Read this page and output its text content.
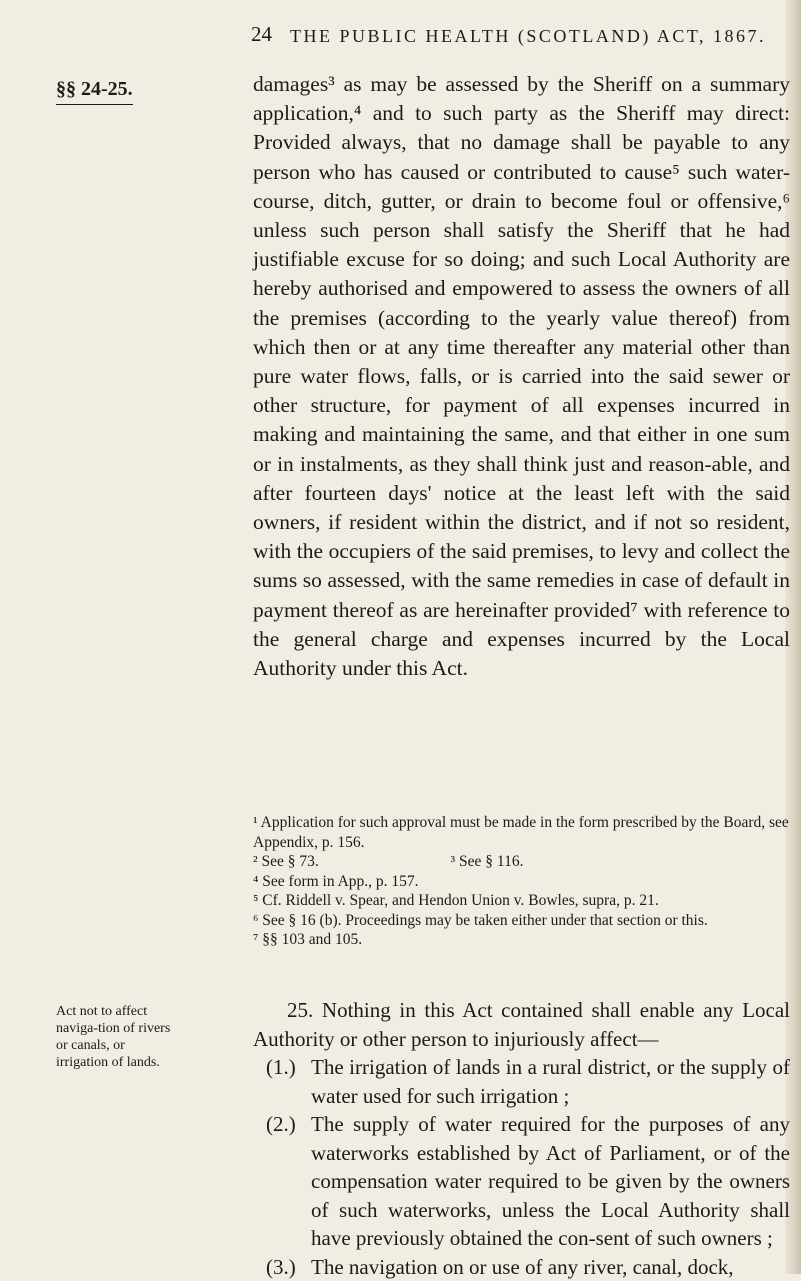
24 THE PUBLIC HEALTH (SCOTLAND) ACT, 1867.
§§ 24-25.	damages³ as may be assessed by the Sheriff on a summary application,⁴ and to such party as the Sheriff may direct: Provided always, that no damage shall be payable to any person who has caused or contributed to cause⁵ such water-course, ditch, gutter, or drain to become foul or offensive,⁶ unless such person shall satisfy the Sheriff that he had justifiable excuse for so doing; and such Local Authority are hereby authorised and empowered to assess the owners of all the premises (according to the yearly value thereof) from which then or at any time thereafter any material other than pure water flows, falls, or is carried into the said sewer or other structure, for payment of all expenses incurred in making and maintaining the same, and that either in one sum or in instalments, as they shall think just and reason-able, and after fourteen days' notice at the least left with the said owners, if resident within the district, and if not so resident, with the occupiers of the said premises, to levy and collect the sums so assessed, with the same remedies in case of default in payment thereof as are hereinafter provided⁷ with reference to the general charge and expenses incurred by the Local Authority under this Act.

¹ Application for such approval must be made in the form prescribed by the Board, see Appendix, p. 156.
² See § 73.                                  ³ See § 116.
⁴ See form in App., p. 157.
⁵ Cf. Riddell v. Spear, and Hendon Union v. Bowles, supra, p. 21.
⁶ See § 16 (b). Proceedings may be taken either under that section or this.
⁷ §§ 103 and 105.
Act not to affect naviga-tion of rivers or canals, or irrigation of lands.

25. Nothing in this Act contained shall enable any Local Authority or other person to injuriously affect—

(1.) The irrigation of lands in a rural district, or the supply of water used for such irrigation ;
(2.) The supply of water required for the purposes of any waterworks established by Act of Parliament, or of the compensation water required to be given by the owners of such waterworks, unless the Local Authority shall have previously obtained the con-sent of such owners ;
(3.) The navigation on or use of any river, canal, dock,
